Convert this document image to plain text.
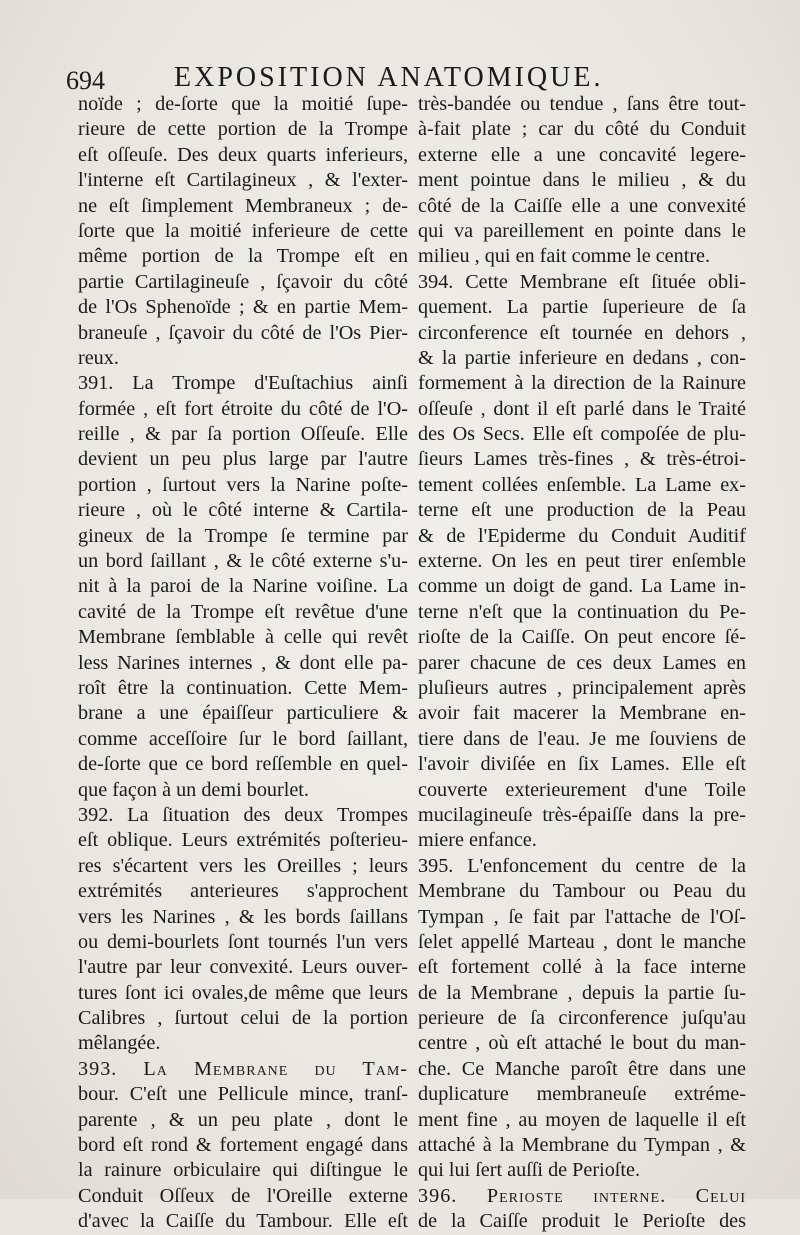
694 EXPOSITION ANATOMIQUE.
noïde ; de-ſorte que la moitié ſupe-
rieure de cette portion de la Trompe
eſt oſſeuſe. Des deux quarts inferieurs,
l'interne eſt Cartilagineux , & l'exter-
ne eſt ſimplement Membraneux ; de-
ſorte que la moitié inferieure de cette
même portion de la Trompe eſt en
partie Cartilagineuſe , ſçavoir du côté
de l'Os Sphenoïde ; & en partie Mem-
braneuſe , ſçavoir du côté de l'Os Pier-
reux.
391. La Trompe d'Euſtachius ainſi
formée , eſt fort étroite du côté de l'O-
reille , & par ſa portion Oſſeuſe. Elle
devient un peu plus large par l'autre
portion , ſurtout vers la Narine poſte-
rieure , où le côté interne & Cartila-
gineux de la Trompe ſe termine par
un bord ſaillant , & le côté externe s'u-
nit à la paroi de la Narine voiſine. La
cavité de la Trompe eſt revêtue d'une
Membrane ſemblable à celle qui revêt
less Narines internes , & dont elle pa-
roît être la continuation. Cette Mem-
brane a une épaiſſeur particuliere &
comme acceſſoire ſur le bord ſaillant,
de-ſorte que ce bord reſſemble en quel-
que façon à un demi bourlet.
392. La ſituation des deux Trompes
eſt oblique. Leurs extrémités poſterieu-
res s'écartent vers les Oreilles ; leurs
extrémités anterieures s'approchent
vers les Narines , & les bords ſaillans
ou demi-bourlets ſont tournés l'un vers
l'autre par leur convexité. Leurs ouver-
tures ſont ici ovales,de même que leurs
Calibres , ſurtout celui de la portion
mêlangée.
393. La Membrane du Tam-
bour. C'eſt une Pellicule mince, tranſ-
parente , & un peu plate , dont le
bord eſt rond & fortement engagé dans
la rainure orbiculaire qui diſtingue le
Conduit Oſſeux de l'Oreille externe
d'avec la Caiſſe du Tambour. Elle eſt
très-bandée ou tendue , ſans être tout-
à-fait plate ; car du côté du Conduit
externe elle a une concavité legere-
ment pointue dans le milieu , & du
côté de la Caiſſe elle a une convexité
qui va pareillement en pointe dans le
milieu , qui en fait comme le centre.
394. Cette Membrane eſt ſituée obli-
quement. La partie ſuperieure de ſa
circonference eſt tournée en dehors ,
& la partie inferieure en dedans , con-
formement à la direction de la Rainure
oſſeuſe , dont il eſt parlé dans le Traité
des Os Secs. Elle eſt compoſée de plu-
ſieurs Lames très-fines , & très-étroi-
tement collées enſemble. La Lame ex-
terne eſt une production de la Peau
& de l'Epiderme du Conduit Auditif
externe. On les en peut tirer enſemble
comme un doigt de gand. La Lame in-
terne n'eſt que la continuation du Pe-
rioſte de la Caiſſe. On peut encore ſé-
parer chacune de ces deux Lames en
pluſieurs autres , principalement après
avoir fait macerer la Membrane en-
tiere dans de l'eau. Je me ſouviens de
l'avoir diviſée en ſix Lames. Elle eſt
couverte exterieurement d'une Toile
mucilagineuſe très-épaiſſe dans la pre-
miere enfance.
395. L'enfoncement du centre de la
Membrane du Tambour ou Peau du
Tympan , ſe fait par l'attache de l'Oſ-
ſelet appellé Marteau , dont le manche
eſt fortement collé à la face interne
de la Membrane , depuis la partie ſu-
perieure de ſa circonference juſqu'au
centre , où eſt attaché le bout du man-
che. Ce Manche paroît être dans une
duplicature membraneuſe extréme-
ment fine , au moyen de laquelle il eſt
attaché à la Membrane du Tympan , &
qui lui ſert auſſi de Perioſte.
396. Perioste interne. Celui
de la Caiſſe produit le Perioſte des
